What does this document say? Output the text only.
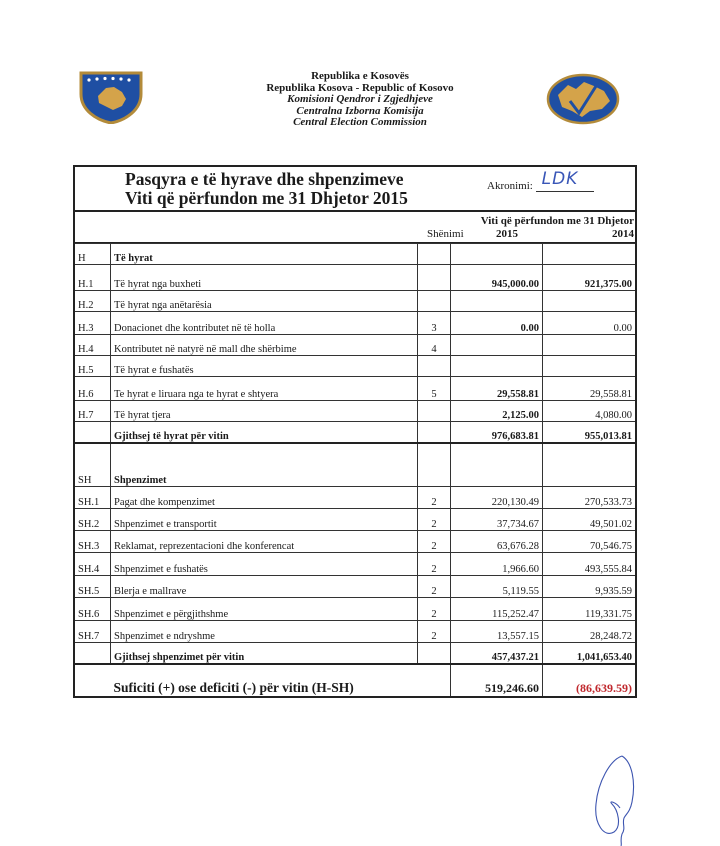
Republika e Kosovës
Republika Kosova - Republic of Kosovo
Komisioni Qendror i Zgjedhjeve
Centralna Izborna Komisija
Central Election Commission
Pasqyra e të hyrave dhe shpenzimeve
Viti që përfundon me 31 Dhjetor 2015
Akronimi: LDK
Viti që përfundon me 31 Dhjetor
Shënimi	2015	2014
H	Të hyrat			
H.1	Të hyrat nga buxheti		945,000.00	921,375.00
H.2	Të hyrat nga anëtarësia			
H.3	Donacionet dhe kontributet në të holla	3	0.00	0.00
H.4	Kontributet në natyrë në mall dhe shërbime	4		
H.5	Të hyrat e fushatës			
H.6	Te hyrat e liruara nga te hyrat e shtyera	5	29,558.81	29,558.81
H.7	Të hyrat tjera		2,125.00	4,080.00
	Gjithsej të hyrat për vitin		976,683.81	955,013.81
SH	Shpenzimet			
SH.1	Pagat dhe kompenzimet	2	220,130.49	270,533.73
SH.2	Shpenzimet e transportit	2	37,734.67	49,501.02
SH.3	Reklamat, reprezentacioni dhe konferencat	2	63,676.28	70,546.75
SH.4	Shpenzimet e fushatës	2	1,966.60	493,555.84
SH.5	Blerja e mallrave	2	5,119.55	9,935.59
SH.6	Shpenzimet e përgjithshme	2	115,252.47	119,331.75
SH.7	Shpenzimet e ndryshme	2	13,557.15	28,248.72
	Gjithsej shpenzimet për vitin		457,437.21	1,041,653.40
	Suficiti (+) ose deficiti (-) për vitin (H-SH)		519,246.60	(86,639.59)
